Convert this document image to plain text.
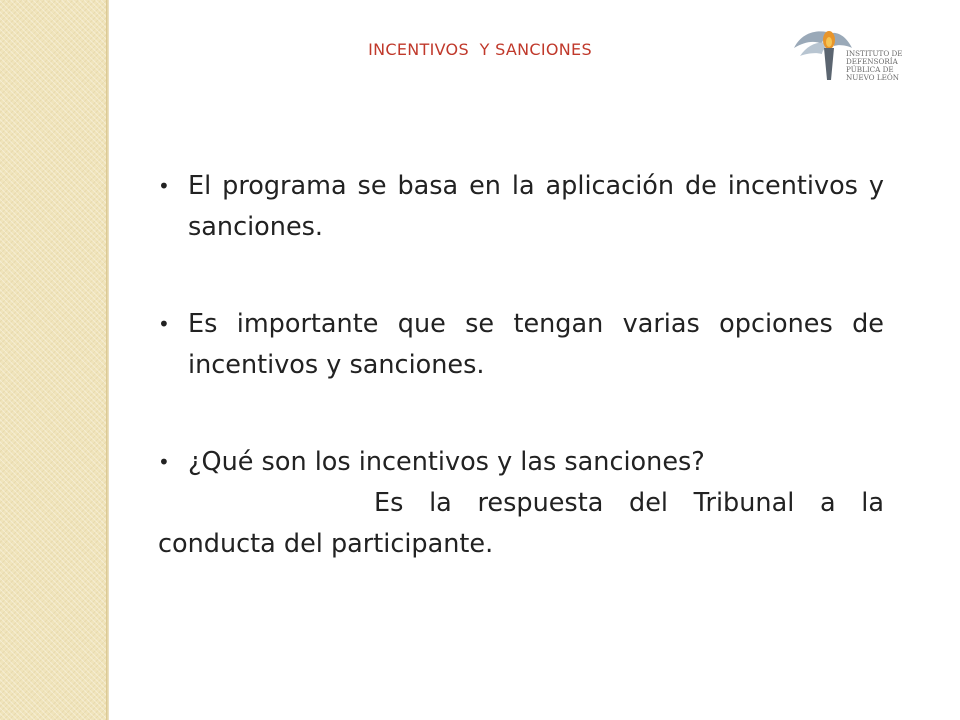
INCENTIVOS  Y SANCIONES	INSTITUTO DE
DEFENSORÍA
PÚBLICA DE
NUEVO LEÓN
• El programa se basa en la aplicación de incentivos y sanciones.
• Es importante que se tengan varias opciones de incentivos y sanciones.
• ¿Qué son los incentivos y las sanciones?
Es la respuesta del Tribunal a la conducta del participante.
